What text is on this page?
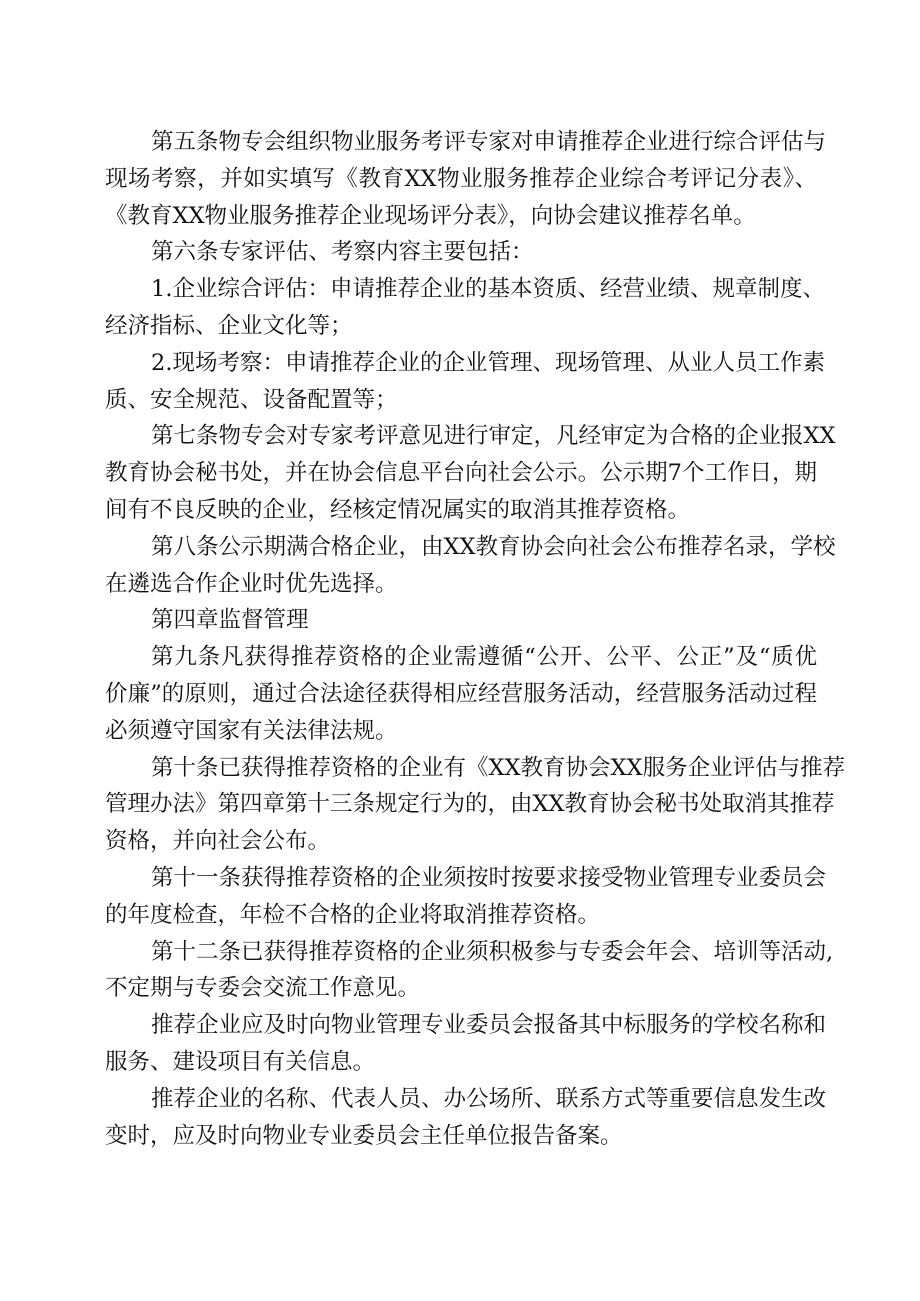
第五条物专会组织物业服务考评专家对申请推荐企业进行综合评估与
现场考察，并如实填写《教育XX物业服务推荐企业综合考评记分表》、
《教育XX物业服务推荐企业现场评分表》，向协会建议推荐名单。
第六条专家评估、考察内容主要包括：
1.企业综合评估：申请推荐企业的基本资质、经营业绩、规章制度、
经济指标、企业文化等；
2.现场考察：申请推荐企业的企业管理、现场管理、从业人员工作素
质、安全规范、设备配置等；
第七条物专会对专家考评意见进行审定，凡经审定为合格的企业报XX
教育协会秘书处，并在协会信息平台向社会公示。公示期7个工作日，期
间有不良反映的企业，经核定情况属实的取消其推荐资格。
第八条公示期满合格企业，由XX教育协会向社会公布推荐名录，学校
在遴选合作企业时优先选择。
第四章监督管理
第九条凡获得推荐资格的企业需遵循“公开、公平、公正”及“质优
价廉”的原则，通过合法途径获得相应经营服务活动，经营服务活动过程
必须遵守国家有关法律法规。
第十条已获得推荐资格的企业有《XX教育协会XX服务企业评估与推荐
管理办法》第四章第十三条规定行为的，由XX教育协会秘书处取消其推荐
资格，并向社会公布。
第十一条获得推荐资格的企业须按时按要求接受物业管理专业委员会
的年度检查，年检不合格的企业将取消推荐资格。
第十二条已获得推荐资格的企业须积极参与专委会年会、培训等活动,
不定期与专委会交流工作意见。
推荐企业应及时向物业管理专业委员会报备其中标服务的学校名称和
服务、建设项目有关信息。
推荐企业的名称、代表人员、办公场所、联系方式等重要信息发生改
变时，应及时向物业专业委员会主任单位报告备案。
